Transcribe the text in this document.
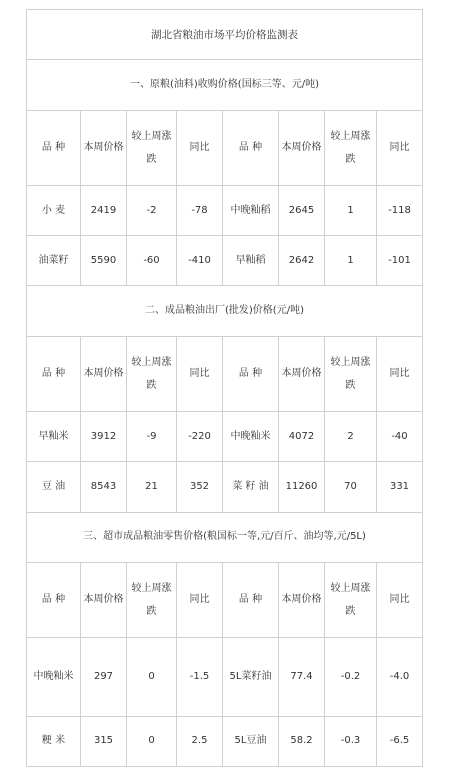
湖北省粮油市场平均价格监测表							
一、原粮(油料)收购价格(国标三等、元/吨)							
品 种	本周价格	较上周涨跌	同比	品 种	本周价格	较上周涨跌	同比
小 麦	2419	-2	-78	中晚籼稻	2645	1	-118
油菜籽	5590	-60	-410	早籼稻	2642	1	-101
二、成品粮油出厂(批发)价格(元/吨)							
品 种	本周价格	较上周涨跌	同比	品 种	本周价格	较上周涨跌	同比
早籼米	3912	-9	-220	中晚籼米	4072	2	-40
豆 油	8543	21	352	菜 籽 油	11260	70	331
三、超市成品粮油零售价格(粮国标一等,元/百斤、油均等,元/5L)							
品 种	本周价格	较上周涨跌	同比	品 种	本周价格	较上周涨跌	同比
中晚籼米	297	0	-1.5	5L菜籽油	77.4	-0.2	-4.0
粳 米	315	0	2.5	5L豆油	58.2	-0.3	-6.5
